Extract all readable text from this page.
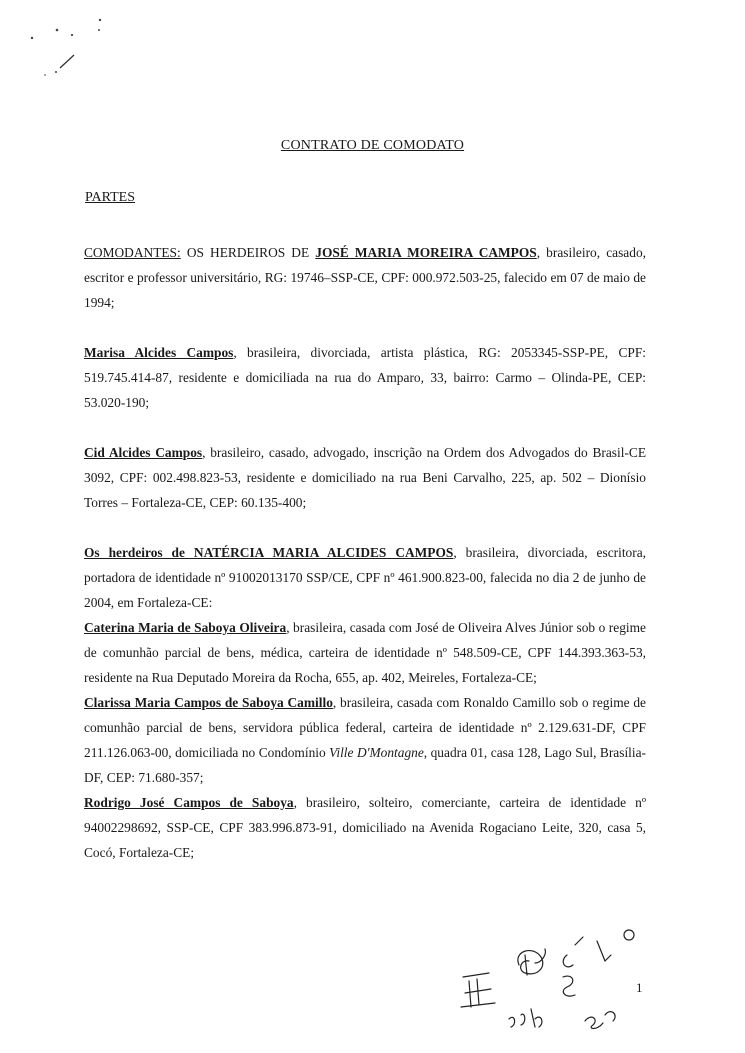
CONTRATO DE COMODATO
PARTES

COMODANTES: OS HERDEIROS DE JOSÉ MARIA MOREIRA CAMPOS, brasileiro, casado, escritor e professor universitário, RG: 19746–SSP-CE, CPF: 000.972.503-25, falecido em 07 de maio de 1994;

Marisa Alcides Campos, brasileira, divorciada, artista plástica, RG: 2053345-SSP-PE, CPF: 519.745.414-87, residente e domiciliada na rua do Amparo, 33, bairro: Carmo – Olinda-PE, CEP: 53.020-190;

Cid Alcides Campos, brasileiro, casado, advogado, inscrição na Ordem dos Advogados do Brasil-CE 3092, CPF: 002.498.823-53, residente e domiciliado na rua Beni Carvalho, 225, ap. 502 – Dionísio Torres – Fortaleza-CE, CEP: 60.135-400;

Os herdeiros de NATÉRCIA MARIA ALCIDES CAMPOS, brasileira, divorciada, escritora, portadora de identidade nº 91002013170 SSP/CE, CPF nº 461.900.823-00, falecida no dia 2 de junho de 2004, em Fortaleza-CE:

Caterina Maria de Saboya Oliveira, brasileira, casada com José de Oliveira Alves Júnior sob o regime de comunhão parcial de bens, médica, carteira de identidade nº 548.509-CE, CPF 144.393.363-53, residente na Rua Deputado Moreira da Rocha, 655, ap. 402, Meireles, Fortaleza-CE;

Clarissa Maria Campos de Saboya Camillo, brasileira, casada com Ronaldo Camillo sob o regime de comunhão parcial de bens, servidora pública federal, carteira de identidade nº 2.129.631-DF, CPF 211.126.063-00, domiciliada no Condomínio Ville D'Montagne, quadra 01, casa 128, Lago Sul, Brasília-DF, CEP: 71.680-357;

Rodrigo José Campos de Saboya, brasileiro, solteiro, comerciante, carteira de identidade nº 94002298692, SSP-CE, CPF 383.996.873-91, domiciliado na Avenida Rogaciano Leite, 320, casa 5, Cocó, Fortaleza-CE;

1
